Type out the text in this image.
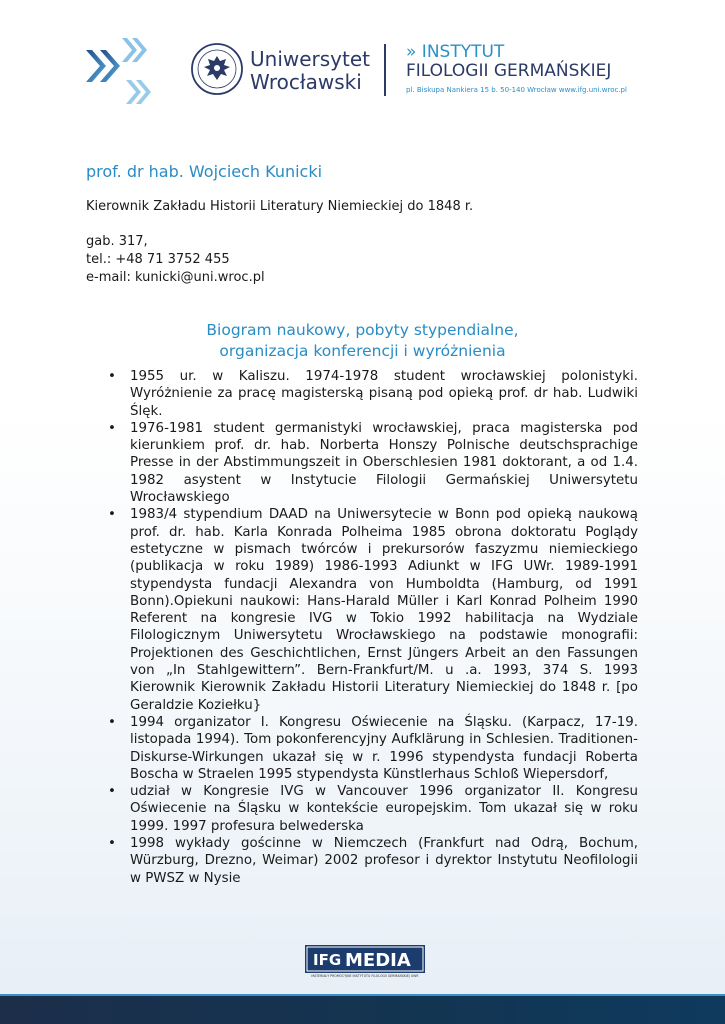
Uniwersytet
Wrocławski
» INSTYTUT
FILOLOGII GERMAŃSKIEJ
pl. Biskupa Nankiera 15 b. 50-140 Wrocław www.ifg.uni.wroc.pl
prof. dr hab. Wojciech Kunicki
Kierownik Zakładu Historii Literatury Niemieckiej do 1848 r.
gab. 317,
tel.: +48 71 3752 455
e-mail: kunicki@uni.wroc.pl
Biogram naukowy, pobyty stypendialne,
organizacja konferencji i wyróżnienia
• 1955 ur. w Kaliszu. 1974-1978 student wrocławskiej polonistyki. Wyróżnienie za pracę magisterską pisaną pod opieką prof. dr hab. Ludwiki Ślęk.
• 1976-1981 student germanistyki wrocławskiej, praca magisterska pod kierunkiem prof. dr. hab. Norberta Honszy Polnische deutschsprachige Presse in der Abstimmungszeit in Oberschlesien 1981 doktorant, a od 1.4. 1982 asystent w Instytucie Filologii Germańskiej Uniwersytetu Wrocławskiego
• 1983/4 stypendium DAAD na Uniwersytecie w Bonn pod opieką naukową prof. dr. hab. Karla Konrada Polheima 1985 obrona doktoratu Poglądy estetyczne w pismach twórców i prekursorów faszyzmu niemieckiego (publikacja w roku 1989) 1986-1993 Adiunkt w IFG UWr. 1989-1991 stypendysta fundacji Alexandra von Humboldta (Hamburg, od 1991 Bonn).Opiekuni naukowi: Hans-Harald Müller i Karl Konrad Polheim 1990 Referent na kongresie IVG w Tokio 1992 habilitacja na Wydziale Filologicznym Uniwersytetu Wrocławskiego na podstawie monografii: Projektionen des Geschichtlichen, Ernst Jüngers Arbeit an den Fassungen von „In Stahlgewittern”. Bern-Frankfurt/M. u .a. 1993, 374 S. 1993 Kierownik Kierownik Zakładu Historii Literatury Niemieckiej do 1848 r. [po Geraldzie Koziełku}
• 1994 organizator I. Kongresu Oświecenie na Śląsku. (Karpacz, 17-19. listopada 1994). Tom pokonferencyjny Aufklärung in Schlesien. Traditionen-Diskurse-Wirkungen ukazał się w r. 1996 stypendysta fundacji Roberta Boscha w Straelen 1995 stypendysta Künstlerhaus Schloß Wiepersdorf,
• udział w Kongresie IVG w Vancouver 1996 organizator II. Kongresu Oświecenie na Śląsku w kontekście europejskim. Tom ukazał się w roku 1999. 1997 profesura belwederska
• 1998 wykłady gościnne w Niemczech (Frankfurt nad Odrą, Bochum, Würzburg, Drezno, Weimar) 2002 profesor i dyrektor Instytutu Neofilologii w PWSZ w Nysie
IFG MEDIA
MATERIAŁY PROMOCYJNE INSTYTUTU FILOLOGII GERMAŃSKIEJ UWR
